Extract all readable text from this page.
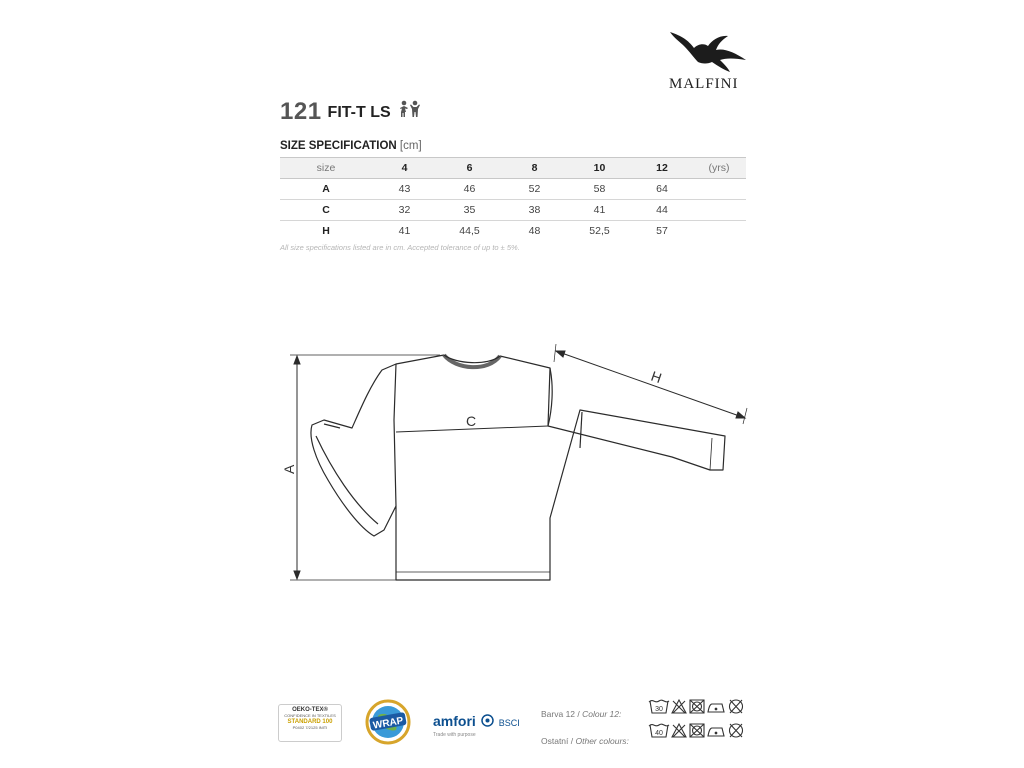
MALFINI
121 FIT-T LS
SIZE SPECIFICATION [cm]
size	4	6	8	10	12	(yrs)
A	43	46	52	58	64	
C	32	35	38	41	44	
H	41	44,5	48	52,5	57	
All size specifications listed are in cm. Accepted tolerance of up to ± 5%.
C
A
H
OEKO-TEX®
CONFIDENCE IN TEXTILES
STANDARD 100
P0402 7/2125 INITI	WRAP amfori	BSCI
Trade with purpose
Barva 12 / Colour 12:
Ostatní / Other colours:
30
40
